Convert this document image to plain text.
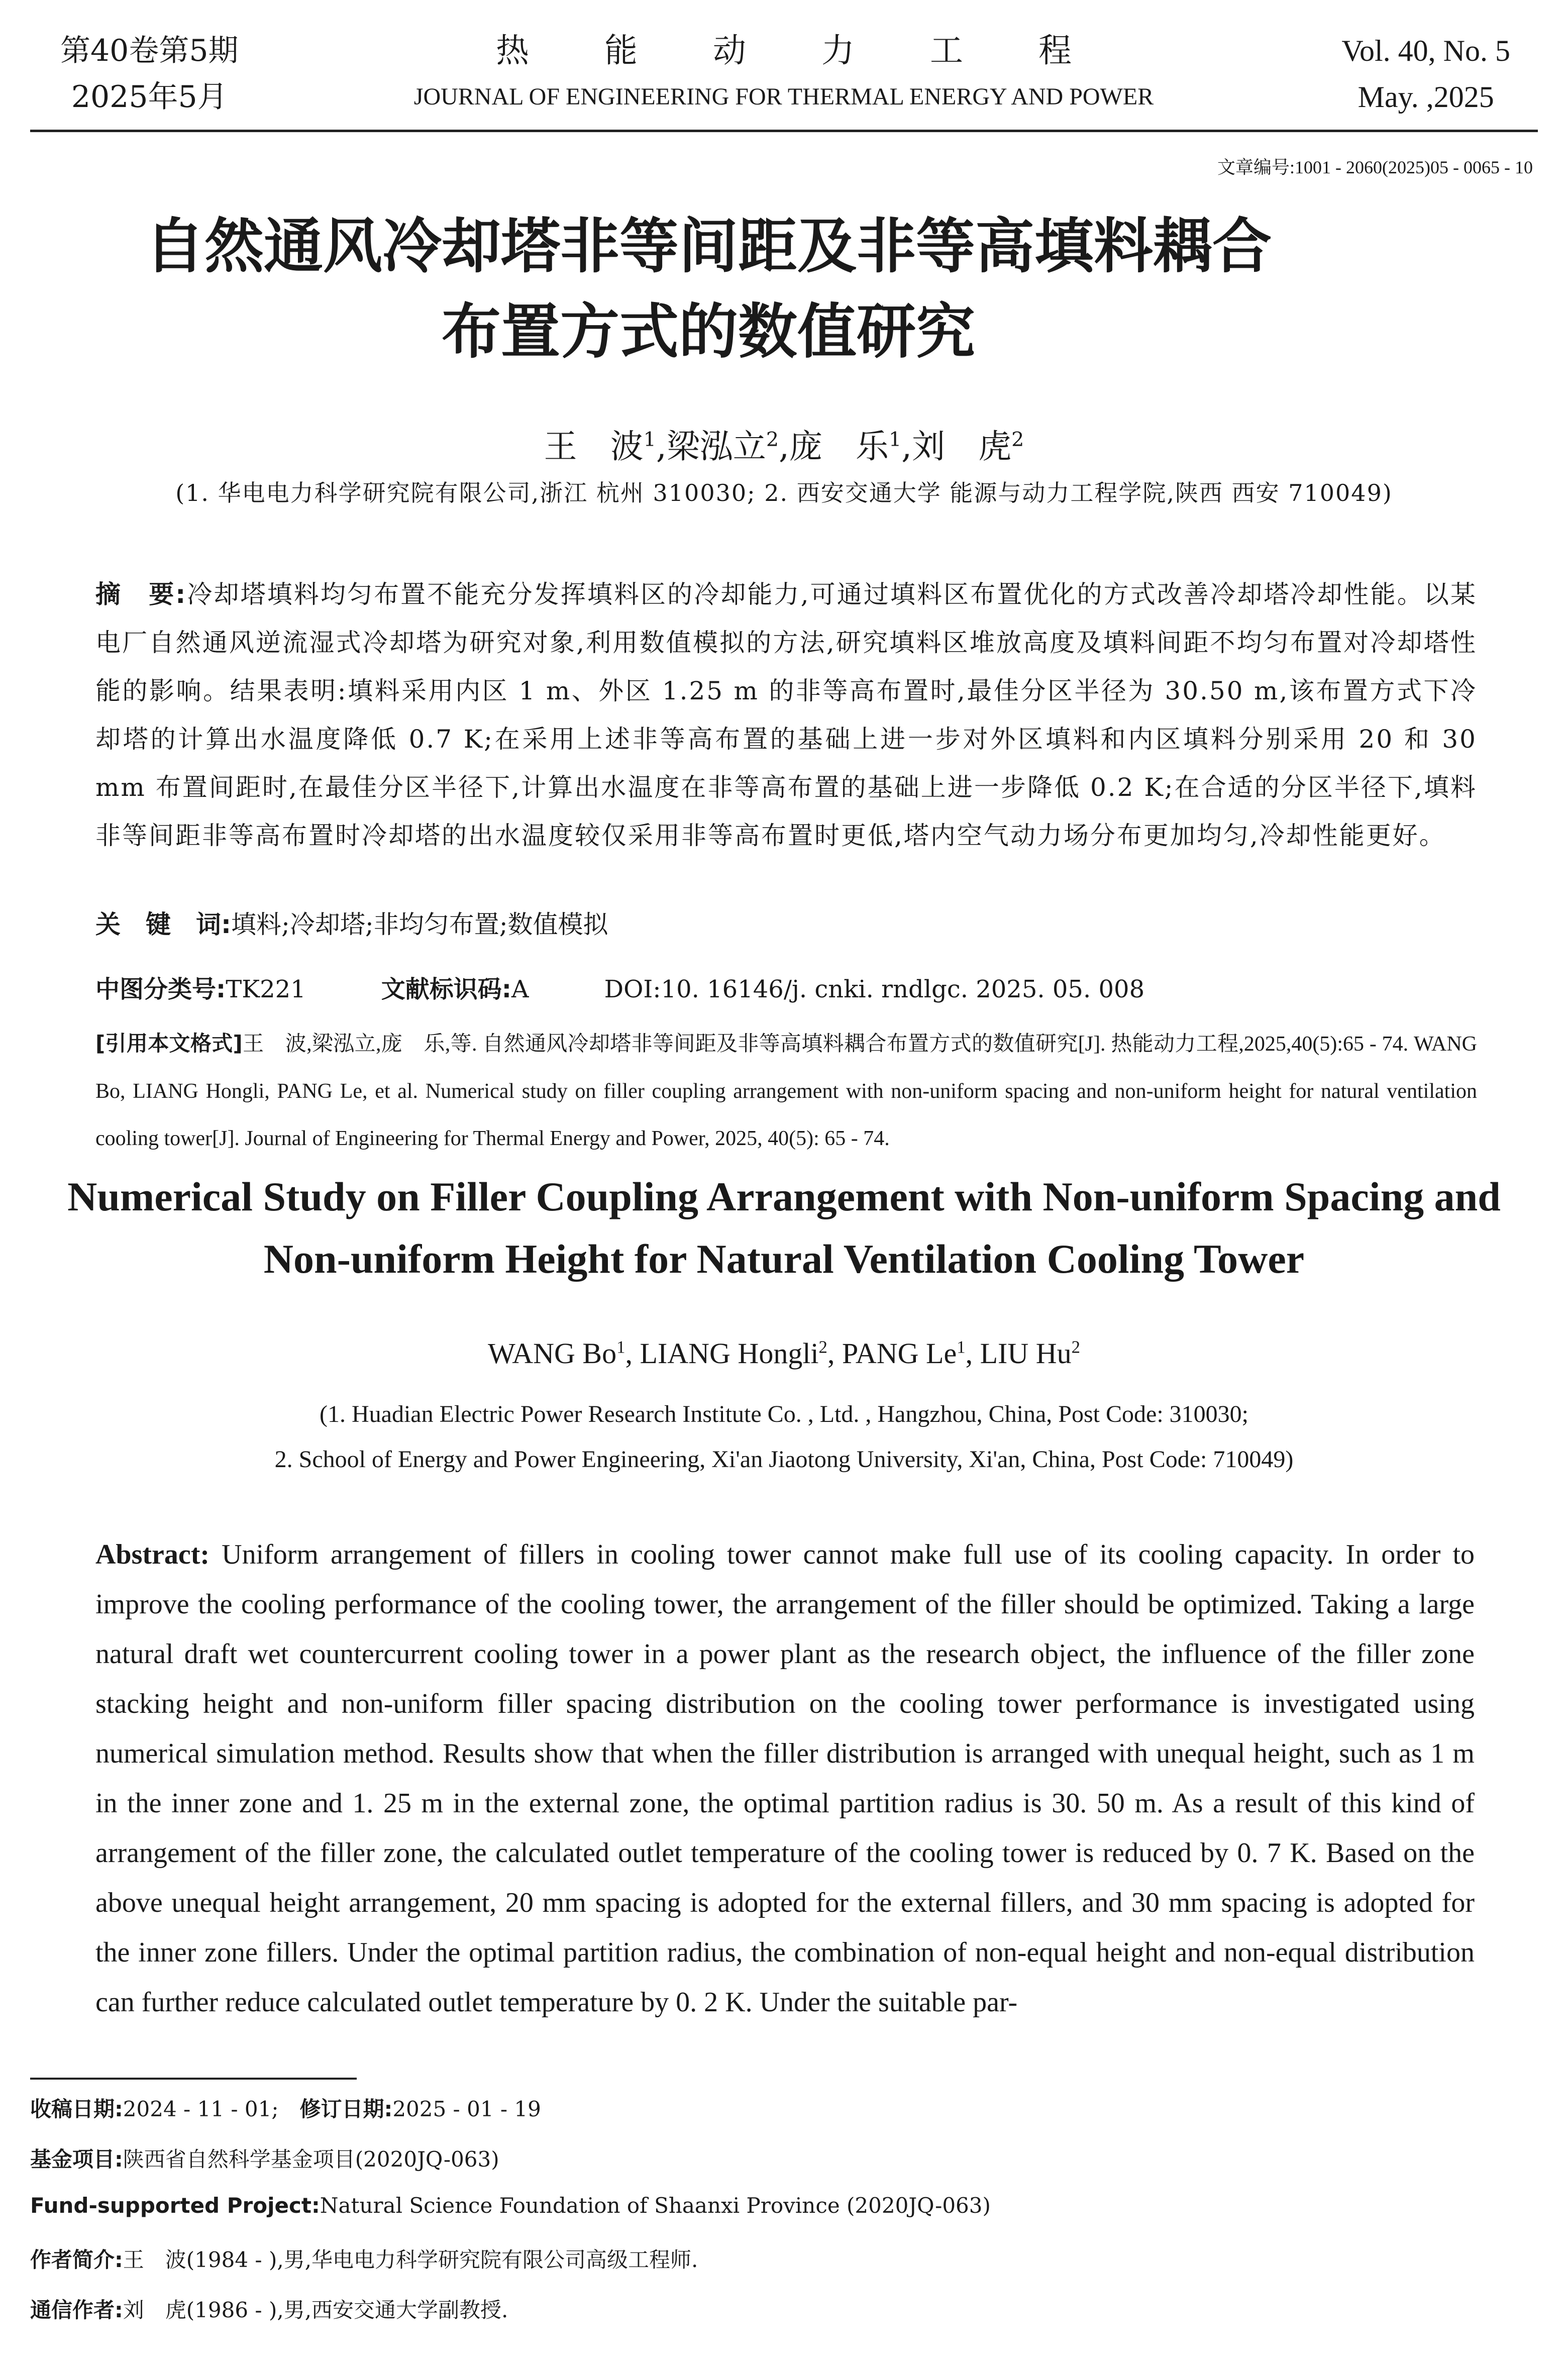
第40卷第5期
2025年5月
热能动力工程
JOURNAL OF ENGINEERING FOR THERMAL ENERGY AND POWER
Vol. 40, No. 5
May. ,2025
文章编号:1001 - 2060(2025)05 - 0065 - 10
自然通风冷却塔非等间距及非等高填料耦合
布置方式的数值研究
王　波$^1$,梁泓立$^2$,庞　乐$^1$,刘　虎$^2$
(1. 华电电力科学研究院有限公司,浙江 杭州 310030; 2. 西安交通大学 能源与动力工程学院,陕西 西安 710049)
摘　要:冷却塔填料均匀布置不能充分发挥填料区的冷却能力,可通过填料区布置优化的方式改善冷却塔冷却性能。以某电厂自然通风逆流湿式冷却塔为研究对象,利用数值模拟的方法,研究填料区堆放高度及填料间距不均匀布置对冷却塔性能的影响。结果表明:填料采用内区 1 m、外区 1.25 m 的非等高布置时,最佳分区半径为 30.50 m,该布置方式下冷却塔的计算出水温度降低 0.7 K;在采用上述非等高布置的基础上进一步对外区填料和内区填料分别采用 20 和 30 mm 布置间距时,在最佳分区半径下,计算出水温度在非等高布置的基础上进一步降低 0.2 K;在合适的分区半径下,填料非等间距非等高布置时冷却塔的出水温度较仅采用非等高布置时更低,塔内空气动力场分布更加均匀,冷却性能更好。
关　键　词:填料;冷却塔;非均匀布置;数值模拟
中图分类号:TK221	文献标识码:A	DOI:10. 16146/j. cnki. rndlgc. 2025. 05. 008
[引用本文格式]王　波,梁泓立,庞　乐,等. 自然通风冷却塔非等间距及非等高填料耦合布置方式的数值研究[J]. 热能动力工程,2025,40(5):65 - 74. WANG Bo, LIANG Hongli, PANG Le, et al. Numerical study on filler coupling arrangement with non-uniform spacing and non-uniform height for natural ventilation cooling tower[J]. Journal of Engineering for Thermal Energy and Power, 2025, 40(5): 65 - 74.
Numerical Study on Filler Coupling Arrangement with Non-uniform Spacing and
Non-uniform Height for Natural Ventilation Cooling Tower
WANG Bo$^1$, LIANG Hongli$^2$, PANG Le$^1$, LIU Hu$^2$
(1. Huadian Electric Power Research Institute Co. , Ltd. , Hangzhou, China, Post Code: 310030;
2. School of Energy and Power Engineering, Xi'an Jiaotong University, Xi'an, China, Post Code: 710049)
Abstract: Uniform arrangement of fillers in cooling tower cannot make full use of its cooling capacity. In order to improve the cooling performance of the cooling tower, the arrangement of the filler should be optimized. Taking a large natural draft wet countercurrent cooling tower in a power plant as the research object, the influence of the filler zone stacking height and non-uniform filler spacing distribution on the cooling tower performance is investigated using numerical simulation method. Results show that when the filler distribution is arranged with unequal height, such as 1 m in the inner zone and 1. 25 m in the external zone, the optimal partition radius is 30. 50 m. As a result of this kind of arrangement of the filler zone, the calculated outlet temperature of the cooling tower is reduced by 0. 7 K. Based on the above unequal height arrangement, 20 mm spacing is adopted for the external fillers, and 30 mm spacing is adopted for the inner zone fillers. Under the optimal partition radius, the combination of non-equal height and non-equal distribution can further reduce calculated outlet temperature by 0. 2 K. Under the suitable par-
收稿日期:2024 - 11 - 01;　修订日期:2025 - 01 - 19
基金项目:陕西省自然科学基金项目(2020JQ-063)
Fund-supported Project:Natural Science Foundation of Shaanxi Province (2020JQ-063)
作者简介:王　波(1984 - ),男,华电电力科学研究院有限公司高级工程师.
通信作者:刘　虎(1986 - ),男,西安交通大学副教授.
